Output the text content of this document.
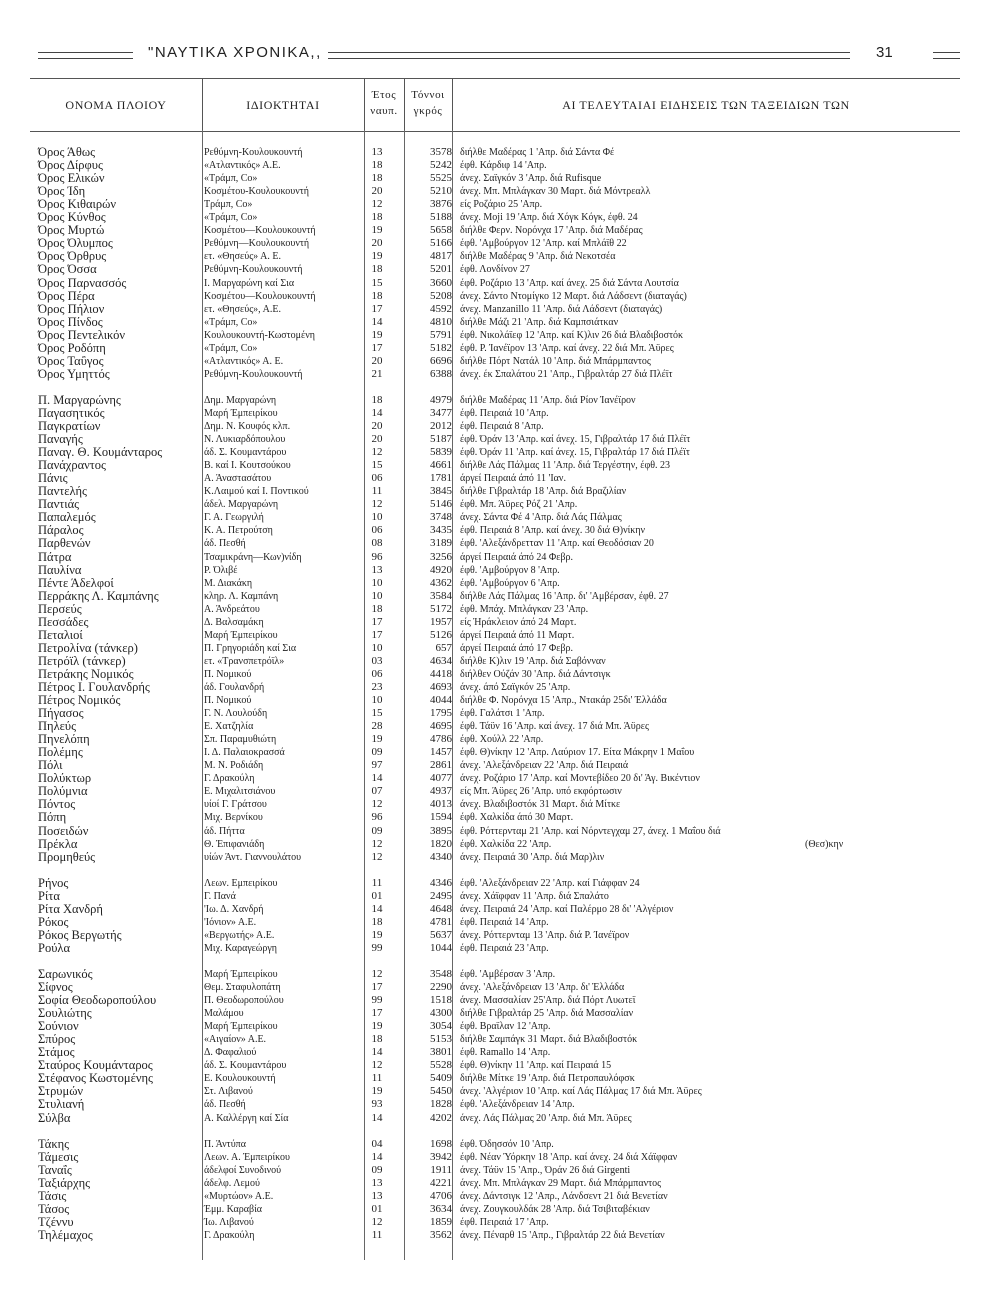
"ΝΑΥΤΙΚΑ ΧΡΟΝΙΚΑ,,	31
ΟΝΟΜΑ ΠΛΟΙΟΥ	ΙΔΙΟΚΤΗΤΑΙ
Έτος
ναυπ.
Τόννοι
γκρός	ΑΙ ΤΕΛΕΥΤΑΙΑΙ ΕΙΔΗΣΕΙΣ ΤΩΝ ΤΑΞΕΙΔΙΩΝ ΤΩΝ
Όρος Άθως	Ρεθύμνη-Κουλουκουντή	13	3578 διήλθε Μαδέρας 1 'Απρ. διά Σάντα Φέ
Όρος Δίρφυς	«Ατλαντικός» Α.Ε.	18	5242 έφθ. Κάρδιφ 14 'Απρ.
Όρος Ελικών	«Τράμπ, Co»	18	5525 άνεχ. Σαϊγκόν 3 'Απρ. διά Rufisque
Όρος Ίδη	Κοσμέτου-Κουλουκουντή	20	5210 άνεχ. Μπ. Μπλάγκαν 30 Μαρτ. διά Μόντρεαλλ
Όρος Κιθαιρών	Τράμπ, Co»	12	3876 είς Ροζάριο 25 'Απρ.
Όρος Κύνθος	«Τράμπ, Co»	18	5188 άνεχ. Moji 19 'Απρ. διά Χόγκ Κόγκ, έφθ. 24
Όρος Μυρτώ	Κοσμέτου—Κουλουκουντή	19	5658 διήλθε Φερν. Νορόνχα 17 'Απρ. διά Μαδέρας
Όρος Όλυμπος	Ρεθύμνη—Κουλουκουντή	20	5166 έφθ. 'Αμβούργον 12 'Απρ. καί Μπλάϊθ 22
Όρος Όρθρυς	ετ. «Θησεύς» Α. Ε.	19	4817 διήλθε Μαδέρας 9 'Απρ. διά Νεκοτσέα
Όρος Όσσα	Ρεθύμνη-Κουλουκουντή	18	5201 έφθ. Λονδίνον 27
Όρος Παρνασσός	Ι. Μαργαρώνη καί Σια	15	3660 έφθ. Ροζάριο 13 'Απρ. καί άνεχ. 25 διά Σάντα Λουτσία
Όρος Πέρα	Κοσμέτου—Κουλουκουντή	18	5208 άνεχ. Σάντο Ντομίγκο 12 Μαρτ. διά Λάδσεντ (διαταγάς)
Όρος Πήλιον	ετ. «Θησεύς», Α.Ε.	17	4592 άνεχ. Manzanillo 11 'Απρ. διά Λάδσεντ (διαταγάς)
Όρος Πίνδος	«Τράμπ, Co»	14	4810 διήλθε Μάζι 21 'Απρ. διά Καμπσιάτκαν
Όρος Πεντελικόν	Κουλουκουντή-Κωστομένη	19	5791 έφθ. Νικολάϊεφ 12 'Απρ. καί Κ)λιν 26 διά Βλαδιβοστόκ
Όρος Ροδόπη	«Τράμπ, Co»	17	5182 έφθ. Ρ. Ίανέϊρον 13 'Απρ. καί άνεχ. 22 διά Μπ. Άϋρες
Όρος Ταΰγος	«Ατλαντικός» Α. Ε.	20	6696 διήλθε Πόρτ Νατάλ 10 'Απρ. διά Μπάρμπαντος
Όρος Υμηττός	Ρεθύμνη-Κουλουκουντή	21	6388 άνεχ. έκ Σπαλάτου 21 'Απρ., Γιβραλτάρ 27 διά Πλέϊτ
Π. Μαργαρώνης	Δημ. Μαργαρώνη	18	4979 διήλθε Μαδέρας 11 'Απρ. διά Ρίον Ίανέϊρον
Παγασητικός	Μαρή Έμπειρίκου	14	3477 έφθ. Πειραιά 10 'Απρ.
Παγκρατίων	Δημ. Ν. Κουφός κλπ.	20	2012 έφθ. Πειραιά 8 'Απρ.
Παναγής	Ν. Λυκιαρδόπουλου	20	5187 έφθ. Όράν 13 'Απρ. καί άνεχ. 15, Γιβραλτάρ 17 διά Πλέϊτ
Παναγ. Θ. Κουμάνταρος	άδ. Σ. Κουμαντάρου	12	5839 έφθ. Όράν 11 'Απρ. καί άνεχ. 15, Γιβραλτάρ 17 διά Πλέϊτ
Πανάχραντος	Β. καί Ι. Κουτσούκου	15	4661 διήλθε Λάς Πάλμας 11 'Απρ. διά Τεργέστην, έφθ. 23
Πάνις	Α. Άναστασάτου	06	1781 άργεί Πειραιά άπό 11 'Ιαν.
Παντελής	Κ.Λαιμού καί Ι. Ποντικού	11	3845 διήλθε Γιβραλτάρ 18 'Απρ. διά Βραζιλίαν
Παντιάς	άδελ. Μαργαρώνη	12	5146 έφθ. Μπ. Άϋρες Ρόζ 21 'Απρ.
Παπαλεμός	Γ. Α. Γεωργιλή	10	3748 άνεχ. Σάντα Φέ 4 'Απρ. διά Λάς Πάλμας
Πάραλος	Κ. Α. Πετρούτση	06	3435 έφθ. Πειραιά 8 'Απρ. καί άνεχ. 30 διά Θ)νίκην
Παρθενών	άδ. Πεσθή	08	3189 έφθ. 'Αλεξάνδρετταν 11 'Απρ. καί Θεοδόσιαν 20
Πάτρα	Τσαμικράνη—Κων)νίδη	96	3256 άργεί Πειραιά άπό 24 Φεβρ.
Παυλίνα	Ρ. Όλιβέ	13	4920 έφθ. 'Αμβούργον 8 'Απρ.
Πέντε Άδελφοί	Μ. Διακάκη	10	4362 έφθ. 'Αμβούργον 6 'Απρ.
Περράκης Λ. Καμπάνης	κληρ. Λ. Καμπάνη	10	3584 διήλθε Λάς Πάλμας 16 'Απρ. δι' 'Αμβέρσαν, έφθ. 27
Περσεύς	Α. Άνδρεάτου	18	5172 έφθ. Μπάχ. Μπλάγκαν 23 'Απρ.
Πεσσάδες	Δ. Βαλσαμάκη	17	1957 είς Ήράκλειον άπό 24 Μαρτ.
Πεταλιοί	Μαρή Έμπειρίκου	17	5126 άργεί Πειραιά άπό 11 Μαρτ.
Πετρολίνα (τάνκερ)	Π. Γρηγοριάδη καί Σια	10	657 άργεί Πειραιά άπό 17 Φεβρ.
Πετρόϊλ (τάνκερ)	ετ. «Τρανσπετρόϊλ»	03	4634 διήλθε Κ)λιν 19 'Απρ. διά Σαβόνναν
Πετράκης Νομικός	Π. Νομικού	06	4418 διήλθεν Ούζάν 30 'Απρ. διά Δάντσιγκ
Πέτρος Ι. Γουλανδρής	άδ. Γουλανδρή	23	4693 άνεχ. άπό Σαϊγκόν 25 'Απρ.
Πέτρος Νομικός	Π. Νομικού	10	4044 διήλθε Φ. Νορόνχα 15 'Απρ., Ντακάρ 25δι' Έλλάδα
Πήγασος	Γ. Ν. Λουλούδη	15	1795 έφθ. Γαλάτσι 1 'Απρ.
Πηλεύς	Ε. Χατζηλία	28	4695 έφθ. Τάϋν 16 'Απρ. καί άνεχ. 17 διά Μπ. Άϋρες
Πηνελόπη	Σπ. Παραμυθιώτη	19	4786 έφθ. Χούλλ 22 'Απρ.
Πολέμης	Ι. Δ. Παλαιοκρασσά	09	1457 έφθ. Θ)νίκην 12 'Απρ. Λαύριον 17. Είτα Μάκρην 1 Μαΐου
Πόλι	Μ. Ν. Ροδιάδη	97	2861 άνεχ. 'Αλεξάνδρειαν 22 'Απρ. διά Πειραιά
Πολύκτωρ	Γ. Δρακούλη	14	4077 άνεχ. Ροζάριο 17 'Απρ. καί Μοντεβίδεο 20 δι' Άγ. Βικέντιον
Πολύμνια	Ε. Μιχαλιτσιάνου	07	4937 είς Μπ. Άϋρες 26 'Απρ. υπό εκφόρτωσιν
Πόντος	υίοί Γ. Γράτσου	12	4013 άνεχ. Βλαδιβοστόκ 31 Μαρτ. διά Μίτκε
Πόπη	Μιχ. Βερνίκου	96	1594 έφθ. Χαλκίδα άπό 30 Μαρτ.
Ποσειδών	άδ. Πήττα	09	3895 έφθ. Ρόττερνταμ 21 'Απρ. καί Νόρντεγχαμ 27, άνεχ. 1 Μαΐου διά
Πρέκλα	Θ. Έπιφανιάδη	12	1820 έφθ. Χαλκίδα 22 'Απρ.	(Θεσ)κην
Προμηθεύς	υίών Άντ. Γιαννουλάτου	12	4340 άνεχ. Πειραιά 30 'Απρ. διά Μαρ)λιν
Ρήνος	Λεων. Εμπειρίκου	11	4346 έφθ. 'Αλεξάνδρειαν 22 'Απρ. καί Γιάφφαν 24
Ρίτα	Γ. Πανά	01	2495 άνεχ. Χάϊφφαν 11 'Απρ. διά Σπαλάτο
Ρίτα Χανδρή	'Ιω. Δ. Χανδρή	14	4648 άνεχ. Πειραιά 24 'Απρ. καί Παλέρμο 28 δι' 'Αλγέριον
Ρόκος	'Ιόνιον» Α.Ε.	18	4781 έφθ. Πειραιά 14 'Απρ.
Ρόκος Βεργωτής	«Βεργωτής» Α.Ε.	19	5637 άνεχ. Ρόττερνταμ 13 'Απρ. διά Ρ. Ίανέϊρον
Ρούλα	Μιχ. Καραγεώργη	99	1044 έφθ. Πειραιά 23 'Απρ.
Σαρωνικός	Μαρή Έμπειρίκου	12	3548 έφθ. 'Αμβέρσαν 3 'Απρ.
Σίφνος	Θεμ. Σταφυλοπάτη	17	2290 άνεχ. 'Αλεξάνδρειαν 13 'Απρ. δι' Έλλάδα
Σοφία Θεοδωροπούλου	Π. Θεοδωροπούλου	99	1518 άνεχ. Μασσαλίαν 25'Απρ. διά Πόρτ Λυωτεϊ
Σουλιώτης	Μαλάμου	17	4300 διήλθε Γιβραλτάρ 25 'Απρ. διά Μασσαλίαν
Σούνιον	Μαρή Έμπειρίκου	19	3054 έφθ. Βραϊλαν 12 'Απρ.
Σπύρος	«Αιγαίον» Α.Ε.	18	5153 διήλθε Σαμπάγκ 31 Μαρτ. διά Βλαδιβοστόκ
Στάμος	Δ. Φαφαλιού	14	3801 έφθ. Ramallo 14 'Απρ.
Σταύρος Κουμάνταρος	άδ. Σ. Κουμαντάρου	12	5528 έφθ. Θ)νίκην 11 'Απρ. καί Πειραιά 15
Στέφανος Κωστομένης	Ε. Κουλουκουντή	11	5409 διήλθε Μίτκε 19 'Απρ. διά Πετροπαυλόφσκ
Στρυμών	Στ. Λιβανού	19	5450 άνεχ. 'Αλγέριον 10 'Απρ. καί Λάς Πάλμας 17 διά Μπ. Άϋρες
Στυλιανή	άδ. Πεσθή	93	1828 έφθ. 'Αλεξάνδρειαν 14 'Απρ.
Σύλβα	Α. Καλλέργη καί Σία	14	4202 άνεχ. Λάς Πάλμας 20 'Απρ. διά Μπ. Άϋρες
Τάκης	Π. Άντύπα	04	1698 έφθ. Όδησσόν 10 'Απρ.
Τάμεσις	Λεων. Α. Έμπειρίκου	14	3942 έφθ. Νέαν Ύόρκην 18 'Απρ. καί άνεχ. 24 διά Χάϊφφαν
Ταναΐς	άδελφοί Συνοδινού	09	1911 άνεχ. Τάϋν 15 'Απρ., Όράν 26 διά Girgenti
Ταξιάρχης	άδελφ. Λεμού	13	4221 άνεχ. Μπ. Μπλάγκαν 29 Μαρτ. διά Μπάρμπαντος
Τάσις	«Μυρτώον» Α.Ε.	13	4706 άνεχ. Δάντσιγκ 12 'Απρ., Λάνδσεντ 21 διά Βενετίαν
Τάσος	Έμμ. Καραβία	01	3634 άνεχ. Ζουγκουλδάκ 28 'Απρ. διά Τσιβιταβέκιαν
Τζέννυ	Ίω. Λιβανού	12	1859 έφθ. Πειραιά 17 'Απρ.
Τηλέμαχος	Γ. Δρακούλη	11	3562 άνεχ. Πέναρθ 15 'Απρ., Γιβραλτάρ 22 διά Βενετίαν
